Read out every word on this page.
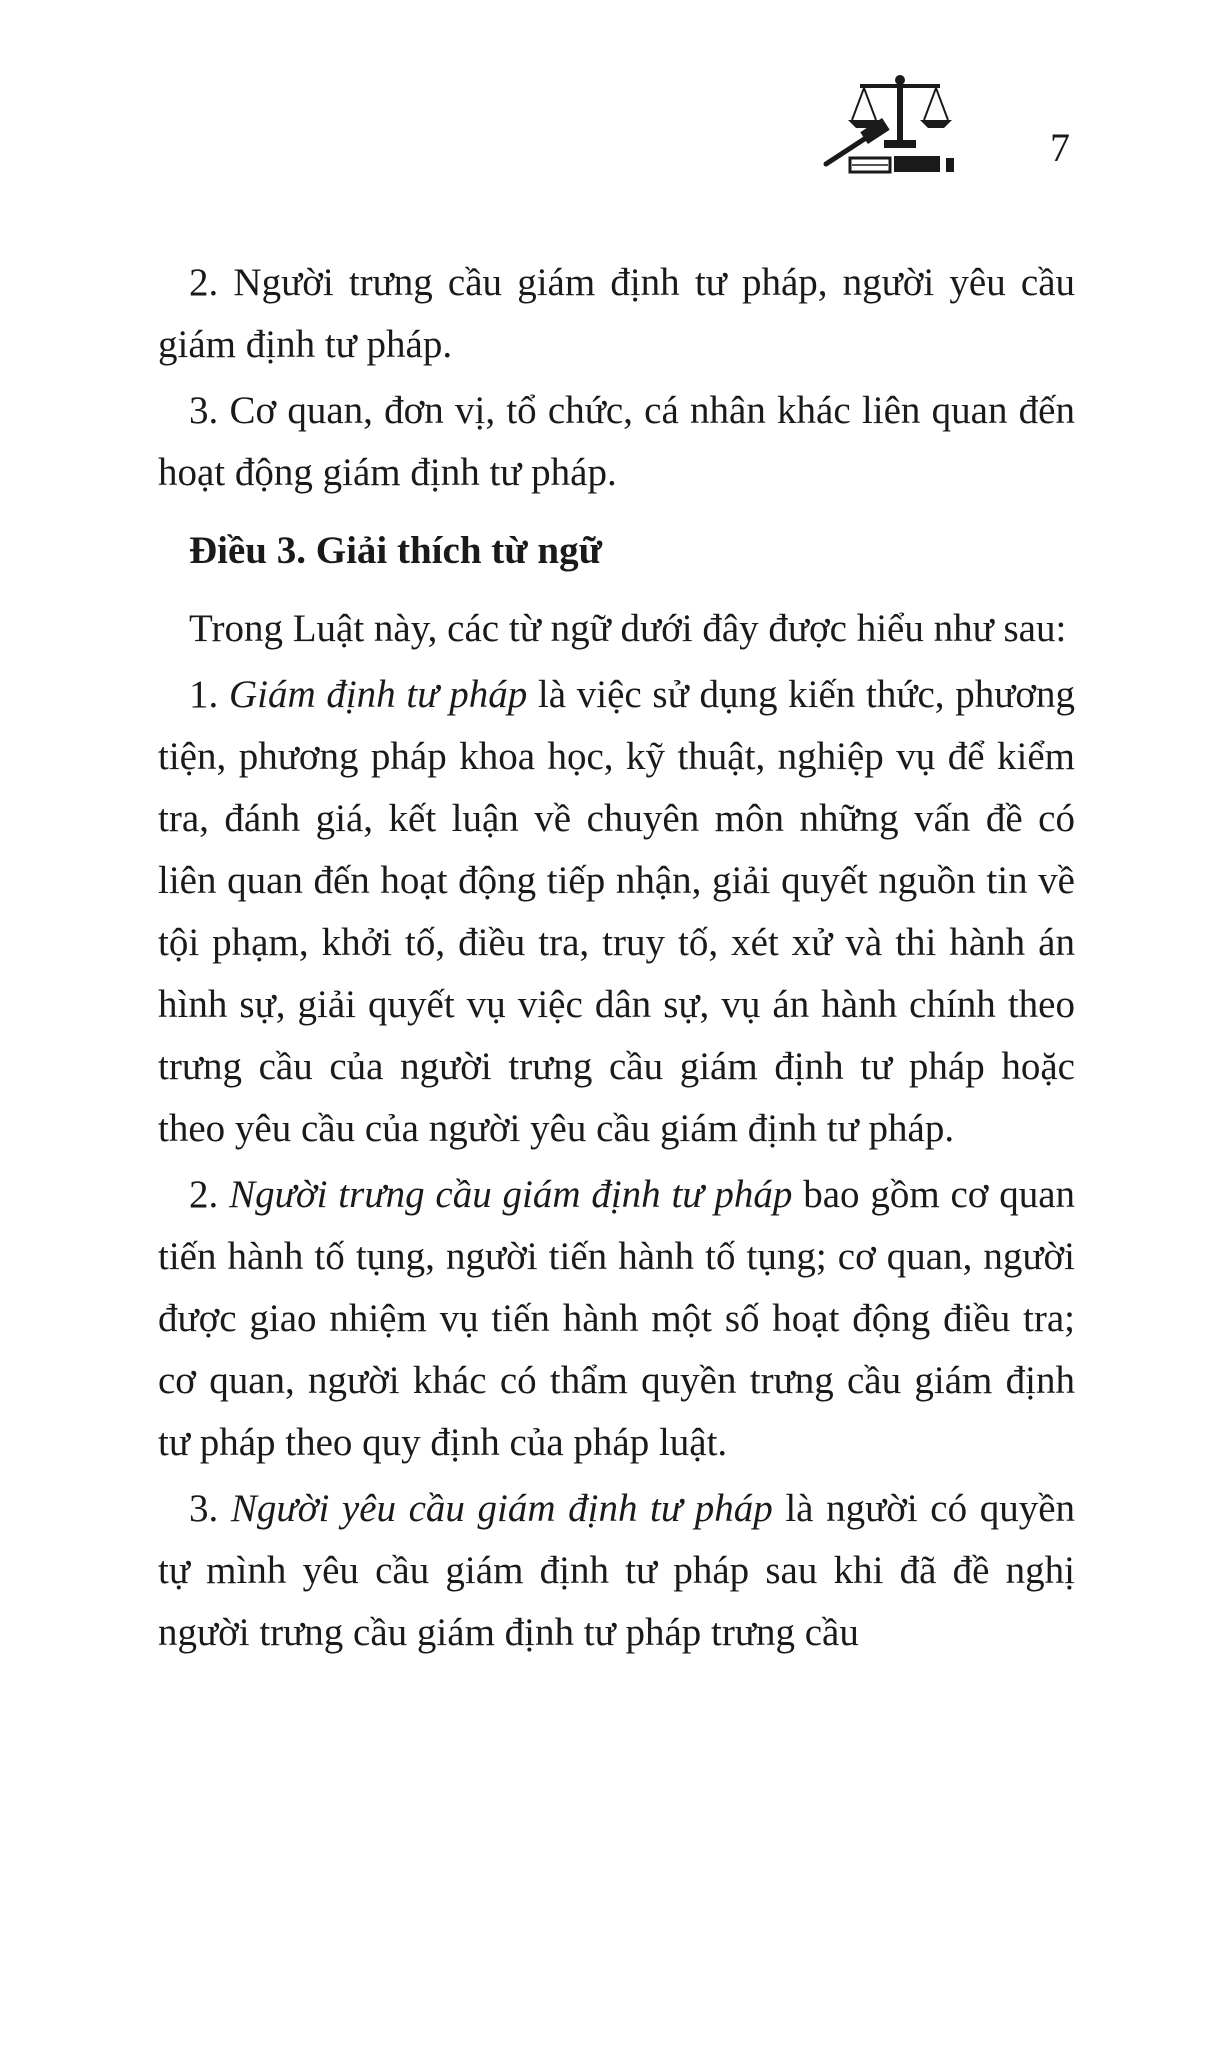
7

2. Người trưng cầu giám định tư pháp, người yêu cầu giám định tư pháp.

3. Cơ quan, đơn vị, tổ chức, cá nhân khác liên quan đến hoạt động giám định tư pháp.

Điều 3. Giải thích từ ngữ

Trong Luật này, các từ ngữ dưới đây được hiểu như sau:

1. Giám định tư pháp là việc sử dụng kiến thức, phương tiện, phương pháp khoa học, kỹ thuật, nghiệp vụ để kiểm tra, đánh giá, kết luận về chuyên môn những vấn đề có liên quan đến hoạt động tiếp nhận, giải quyết nguồn tin về tội phạm, khởi tố, điều tra, truy tố, xét xử và thi hành án hình sự, giải quyết vụ việc dân sự, vụ án hành chính theo trưng cầu của người trưng cầu giám định tư pháp hoặc theo yêu cầu của người yêu cầu giám định tư pháp.

2. Người trưng cầu giám định tư pháp bao gồm cơ quan tiến hành tố tụng, người tiến hành tố tụng; cơ quan, người được giao nhiệm vụ tiến hành một số hoạt động điều tra; cơ quan, người khác có thẩm quyền trưng cầu giám định tư pháp theo quy định của pháp luật.

3. Người yêu cầu giám định tư pháp là người có quyền tự mình yêu cầu giám định tư pháp sau khi đã đề nghị người trưng cầu giám định tư pháp trưng cầu
